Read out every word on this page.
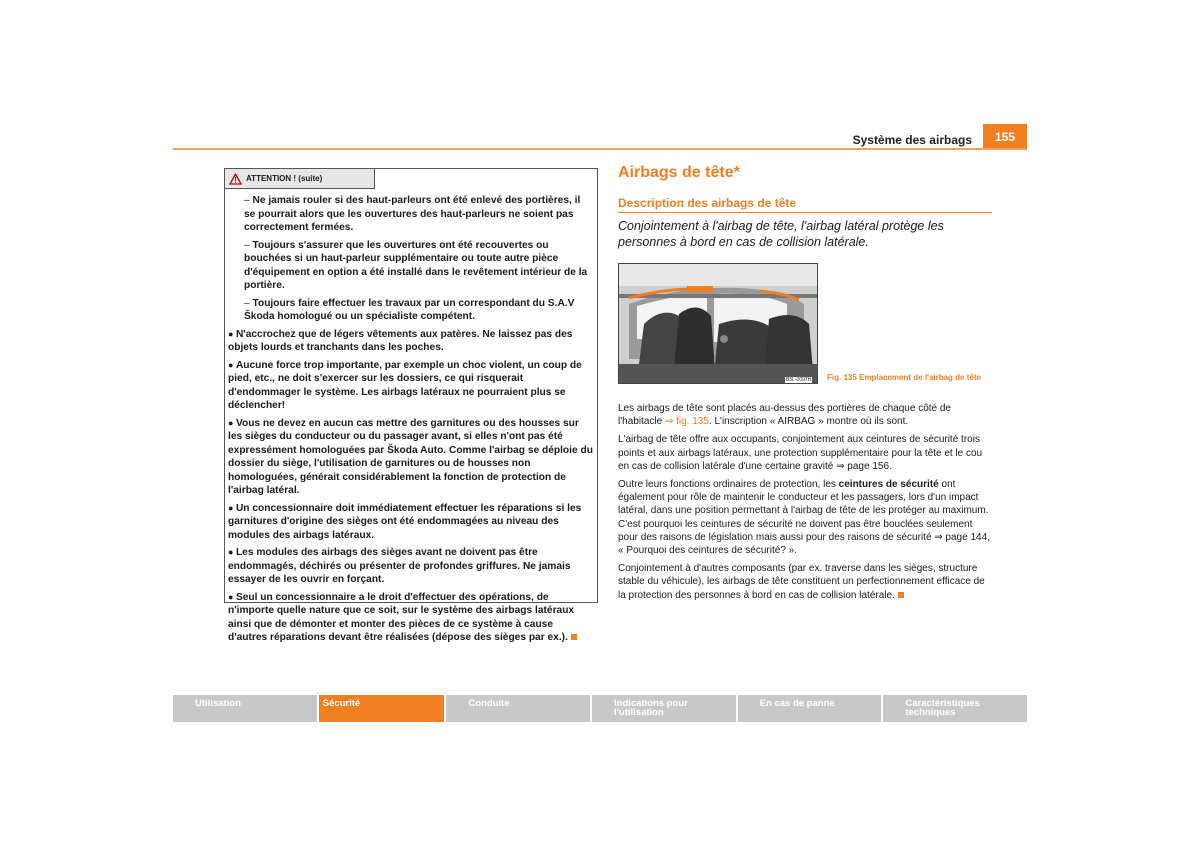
Système des airbags	155
ATTENTION ! (suite)

– Ne jamais rouler si des haut-parleurs ont été enlevé des portières, il se pourrait alors que les ouvertures des haut-parleurs ne soient pas correctement fermées.

– Toujours s'assurer que les ouvertures ont été recouvertes ou bouchées si un haut-parleur supplémentaire ou toute autre pièce d'équipement en option a été installé dans le revêtement intérieur de la portière.

– Toujours faire effectuer les travaux par un correspondant du S.A.V Škoda homologué ou un spécialiste compétent.

● N'accrochez que de légers vêtements aux patères. Ne laissez pas des objets lourds et tranchants dans les poches.

● Aucune force trop importante, par exemple un choc violent, un coup de pied, etc., ne doit s'exercer sur les dossiers, ce qui risquerait d'endommager le système. Les airbags latéraux ne pourraient plus se déclencher!

● Vous ne devez en aucun cas mettre des garnitures ou des housses sur les sièges du conducteur ou du passager avant, si elles n'ont pas été expressément homologuées par Škoda Auto. Comme l'airbag se déploie du dossier du siège, l'utilisation de garnitures ou de housses non homologuées, générait considérablement la fonction de protection de l'airbag latéral.

● Un concessionnaire doit immédiatement effectuer les réparations si les garnitures d'origine des sièges ont été endommagées au niveau des modules des airbags latéraux.

● Les modules des airbags des sièges avant ne doivent pas être endommagés, déchirés ou présenter de profondes griffures. Ne jamais essayer de les ouvrir en forçant.

● Seul un concessionnaire a le droit d'effectuer des opérations, de n'importe quelle nature que ce soit, sur le système des airbags latéraux ainsi que de démonter et monter des pièces de ce système à cause d'autres réparations devant être réalisées (dépose des sièges par ex.).

Airbags de tête*
Description des airbags de tête
Conjointement à l'airbag de tête, l'airbag latéral protège les personnes à bord en cas de collision latérale.
B5L-0097H Fig. 135 Emplacement de l'airbag de tête

Les airbags de tête sont placés au-dessus des portières de chaque côté de l'habitacle ⇒ fig. 135. L'inscription « AIRBAG » montre où ils sont.

L'airbag de tête offre aux occupants, conjointement aux ceintures de sécurité trois points et aux airbags latéraux, une protection supplémentaire pour la tête et le cou en cas de collision latérale d'une certaine gravité ⇒ page 156.

Outre leurs fonctions ordinaires de protection, les ceintures de sécurité ont également pour rôle de maintenir le conducteur et les passagers, lors d'un impact latéral, dans une position permettant à l'airbag de tête de les protéger au maximum. C'est pourquoi les ceintures de sécurité ne doivent pas être bouclées seulement pour des raisons de législation mais aussi pour des raisons de sécurité ⇒ page 144, « Pourquoi des ceintures de sécurité? ».

Conjointement à d'autres composants (par ex. traverse dans les sièges, structure stable du véhicule), les airbags de tête constituent un perfectionnement efficace de la protection des personnes à bord en cas de collision latérale.

Utilisation	Sécurité	Conduite	Indications pour l'utilisation
En cas de panne	Caractéristiques techniques
